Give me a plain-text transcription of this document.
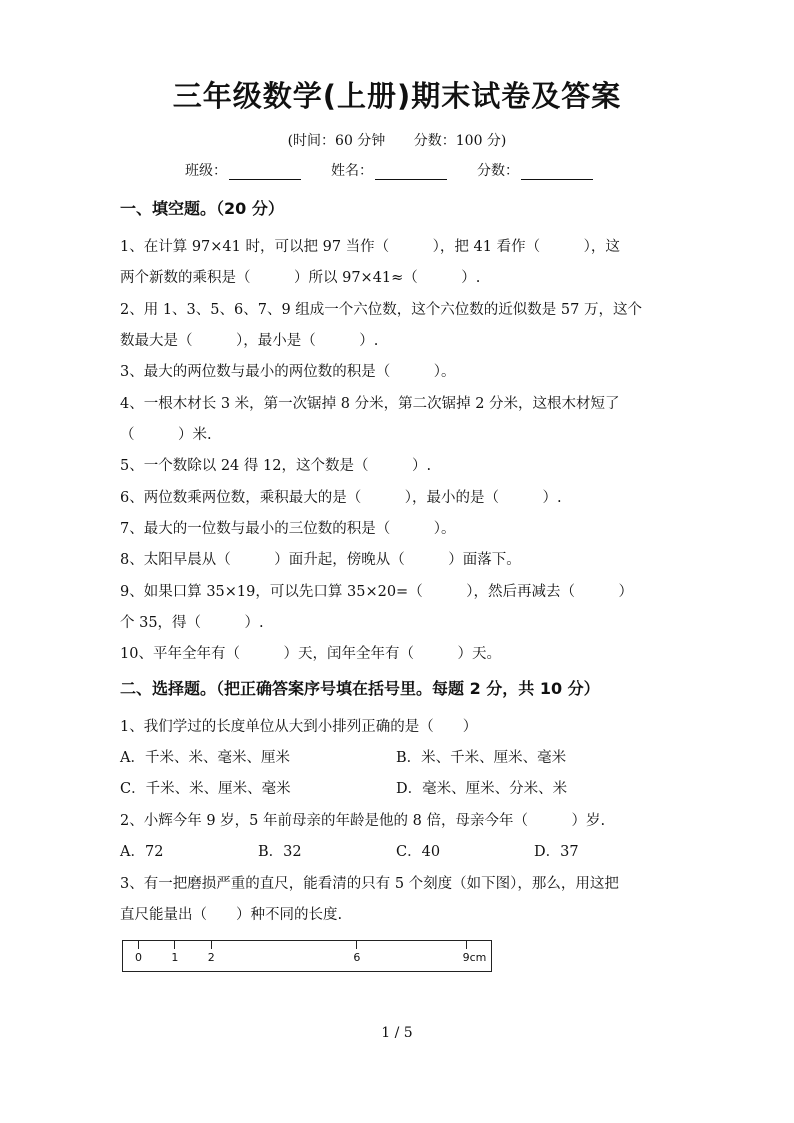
三年级数学(上册)期末试卷及答案
(时间：60 分钟 分数：100 分)
班级：	姓名：	分数：
一、填空题。（20 分）
1、在计算 97×41 时，可以把 97 当作（　　　），把 41 看作（　　　），这
两个新数的乘积是（　　　）所以 97×41≈（　　　）.
2、用 1、3、5、6、7、9 组成一个六位数，这个六位数的近似数是 57 万，这个
数最大是（　　　），最小是（　　　）.
3、最大的两位数与最小的两位数的积是（　　　）。
4、一根木材长 3 米，第一次锯掉 8 分米，第二次锯掉 2 分米，这根木材短了
（　　　）米.
5、一个数除以 24 得 12，这个数是（　　　）.
6、两位数乘两位数，乘积最大的是（　　　），最小的是（　　　）.
7、最大的一位数与最小的三位数的积是（　　　）。
8、太阳早晨从（　　　）面升起，傍晚从（　　　）面落下。
9、如果口算 35×19，可以先口算 35×20=（　　　），然后再减去（　　　）
个 35，得（　　　）.
10、平年全年有（　　　）天，闰年全年有（　　　）天。
二、选择题。（把正确答案序号填在括号里。每题 2 分，共 10 分）
1、我们学过的长度单位从大到小排列正确的是（　　）
A．千米、米、毫米、厘米	B．米、千米、厘米、毫米
C．千米、米、厘米、毫米	D．毫米、厘米、分米、米
2、小辉今年 9 岁，5 年前母亲的年龄是他的 8 倍，母亲今年（　　　）岁.
A．72	B．32	C．40	D．37
3、有一把磨损严重的直尺，能看清的只有 5 个刻度（如下图），那么，用这把
直尺能量出（　　）种不同的长度.
0	1	2	6	9cm
1 / 5
